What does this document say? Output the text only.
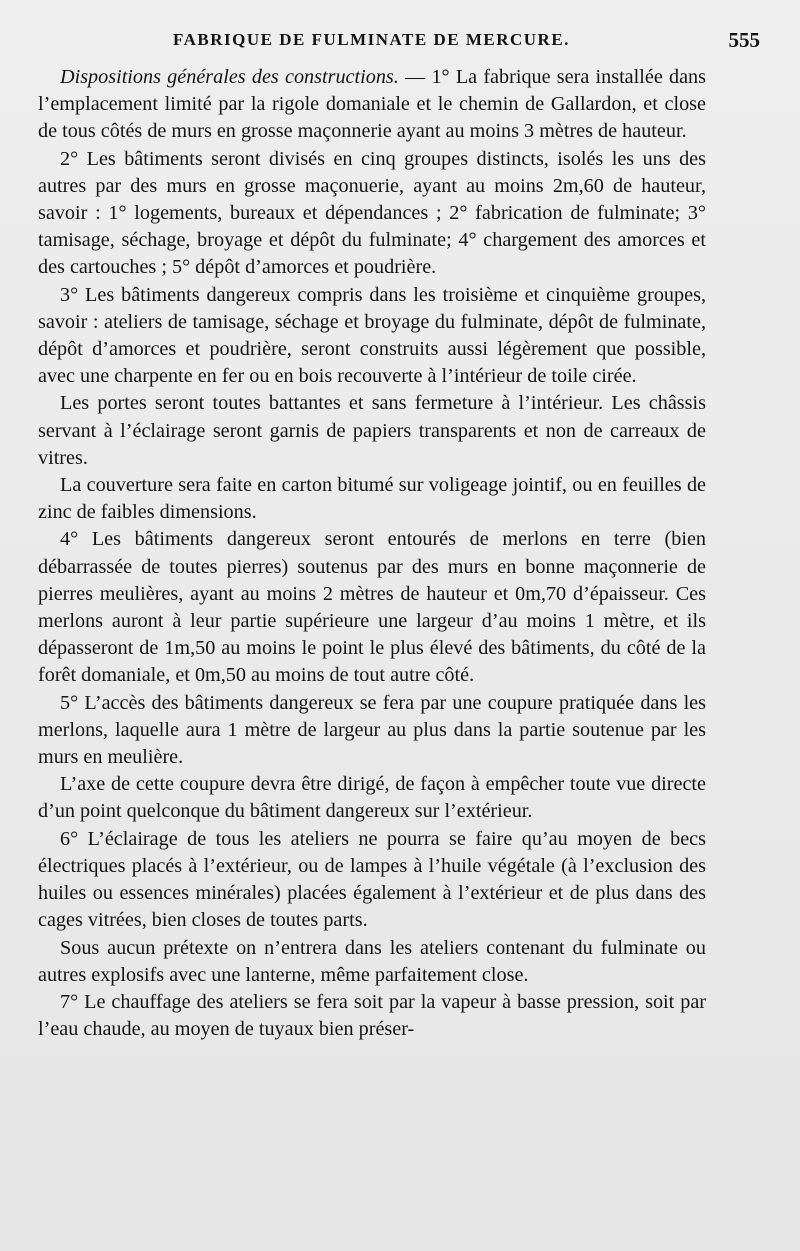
FABRIQUE DE FULMINATE DE MERCURE.	555

Dispositions générales des constructions. — 1° La fabrique sera installée dans l’emplacement limité par la rigole domaniale et le chemin de Gallardon, et close de tous côtés de murs en grosse maçonnerie ayant au moins 3 mètres de hauteur.

2° Les bâtiments seront divisés en cinq groupes distincts, isolés les uns des autres par des murs en grosse maçonuerie, ayant au moins 2m,60 de hauteur, savoir : 1° logements, bureaux et dépendances ; 2° fabrication de fulminate; 3° tamisage, séchage, broyage et dépôt du fulminate; 4° chargement des amorces et des cartouches ; 5° dépôt d’amorces et poudrière.

3° Les bâtiments dangereux compris dans les troisième et cinquième groupes, savoir : ateliers de tamisage, séchage et broyage du fulminate, dépôt de fulminate, dépôt d’amorces et poudrière, seront construits aussi légèrement que possible, avec une charpente en fer ou en bois recouverte à l’intérieur de toile cirée.

Les portes seront toutes battantes et sans fermeture à l’intérieur. Les châssis servant à l’éclairage seront garnis de papiers transparents et non de carreaux de vitres.

La couverture sera faite en carton bitumé sur voligeage jointif, ou en feuilles de zinc de faibles dimensions.

4° Les bâtiments dangereux seront entourés de merlons en terre (bien débarrassée de toutes pierres) soutenus par des murs en bonne maçonnerie de pierres meulières, ayant au moins 2 mètres de hauteur et 0m,70 d’épaisseur. Ces merlons auront à leur partie supérieure une largeur d’au moins 1 mètre, et ils dépasseront de 1m,50 au moins le point le plus élevé des bâtiments, du côté de la forêt domaniale, et 0m,50 au moins de tout autre côté.

5° L’accès des bâtiments dangereux se fera par une coupure pratiquée dans les merlons, laquelle aura 1 mètre de largeur au plus dans la partie soutenue par les murs en meulière.

L’axe de cette coupure devra être dirigé, de façon à empêcher toute vue directe d’un point quelconque du bâtiment dangereux sur l’extérieur.

6° L’éclairage de tous les ateliers ne pourra se faire qu’au moyen de becs électriques placés à l’extérieur, ou de lampes à l’huile végétale (à l’exclusion des huiles ou essences minérales) placées également à l’extérieur et de plus dans des cages vitrées, bien closes de toutes parts.

Sous aucun prétexte on n’entrera dans les ateliers contenant du fulminate ou autres explosifs avec une lanterne, même parfaitement close.

7° Le chauffage des ateliers se fera soit par la vapeur à basse pression, soit par l’eau chaude, au moyen de tuyaux bien préser-
